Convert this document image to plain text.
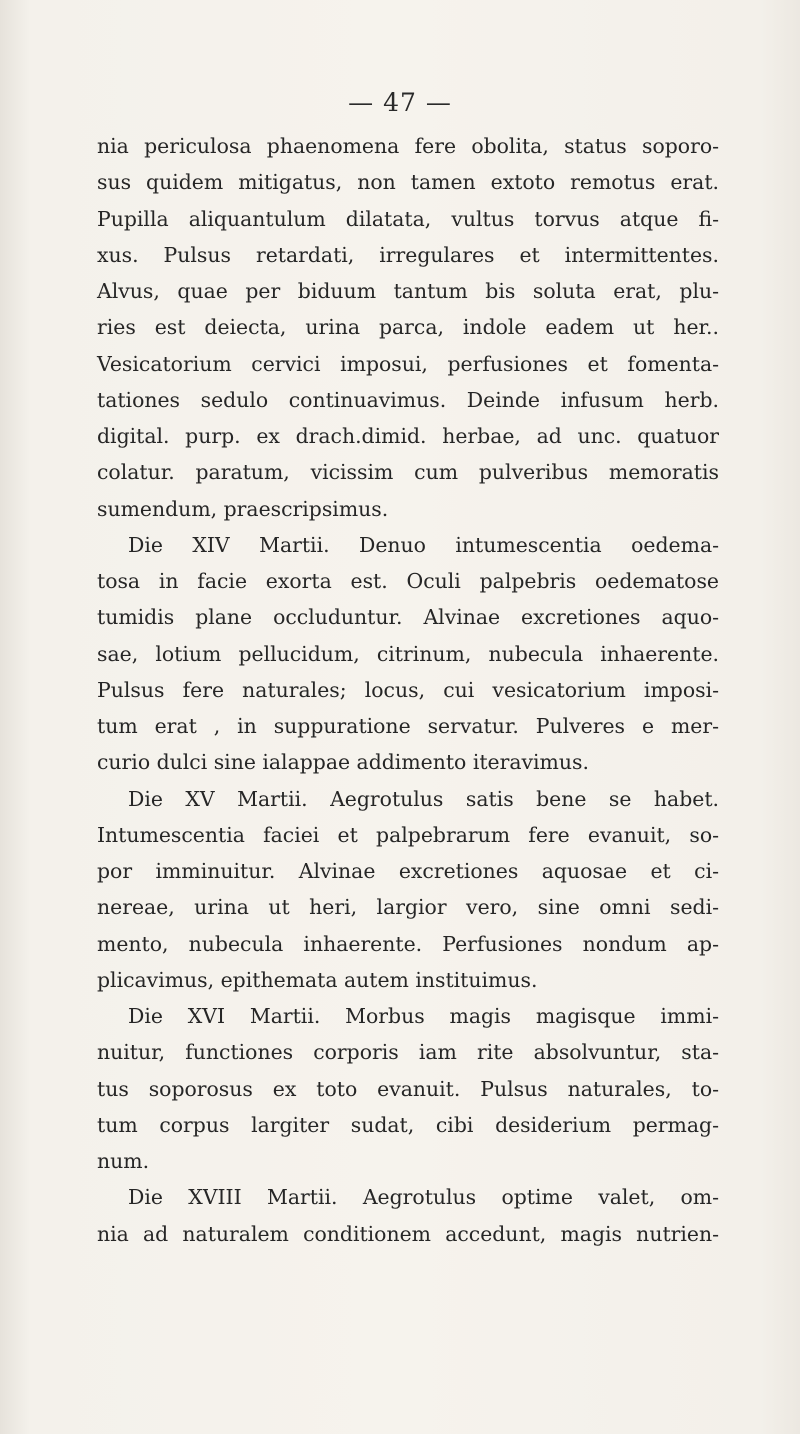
— 47 —
nia periculosa phaenomena fere obolita, status soporo-
sus quidem mitigatus, non tamen extoto remotus erat.
Pupilla aliquantulum dilatata, vultus torvus atque fi-
xus. Pulsus retardati, irregulares et intermittentes.
Alvus, quae per biduum tantum bis soluta erat, plu-
ries est deiecta, urina parca, indole eadem ut her..
Vesicatorium cervici imposui, perfusiones et fomenta-
tationes sedulo continuavimus. Deinde infusum herb.
digital. purp. ex drach.dimid. herbae, ad unc. quatuor
colatur. paratum, vicissim cum pulveribus memoratis
sumendum, praescripsimus.
Die XIV Martii. Denuo intumescentia oedema-
tosa in facie exorta est. Oculi palpebris oedematose
tumidis plane occluduntur. Alvinae excretiones aquo-
sae, lotium pellucidum, citrinum, nubecula inhaerente.
Pulsus fere naturales; locus, cui vesicatorium imposi-
tum erat , in suppuratione servatur. Pulveres e mer-
curio dulci sine ialappae addimento iteravimus.
Die XV Martii. Aegrotulus satis bene se habet.
Intumescentia faciei et palpebrarum fere evanuit, so-
por imminuitur. Alvinae excretiones aquosae et ci-
nereae, urina ut heri, largior vero, sine omni sedi-
mento, nubecula inhaerente. Perfusiones nondum ap-
plicavimus, epithemata autem instituimus.
Die XVI Martii. Morbus magis magisque immi-
nuitur, functiones corporis iam rite absolvuntur, sta-
tus soporosus ex toto evanuit. Pulsus naturales, to-
tum corpus largiter sudat, cibi desiderium permag-
num.
Die XVIII Martii. Aegrotulus optime valet, om-
nia ad naturalem conditionem accedunt, magis nutrien-
